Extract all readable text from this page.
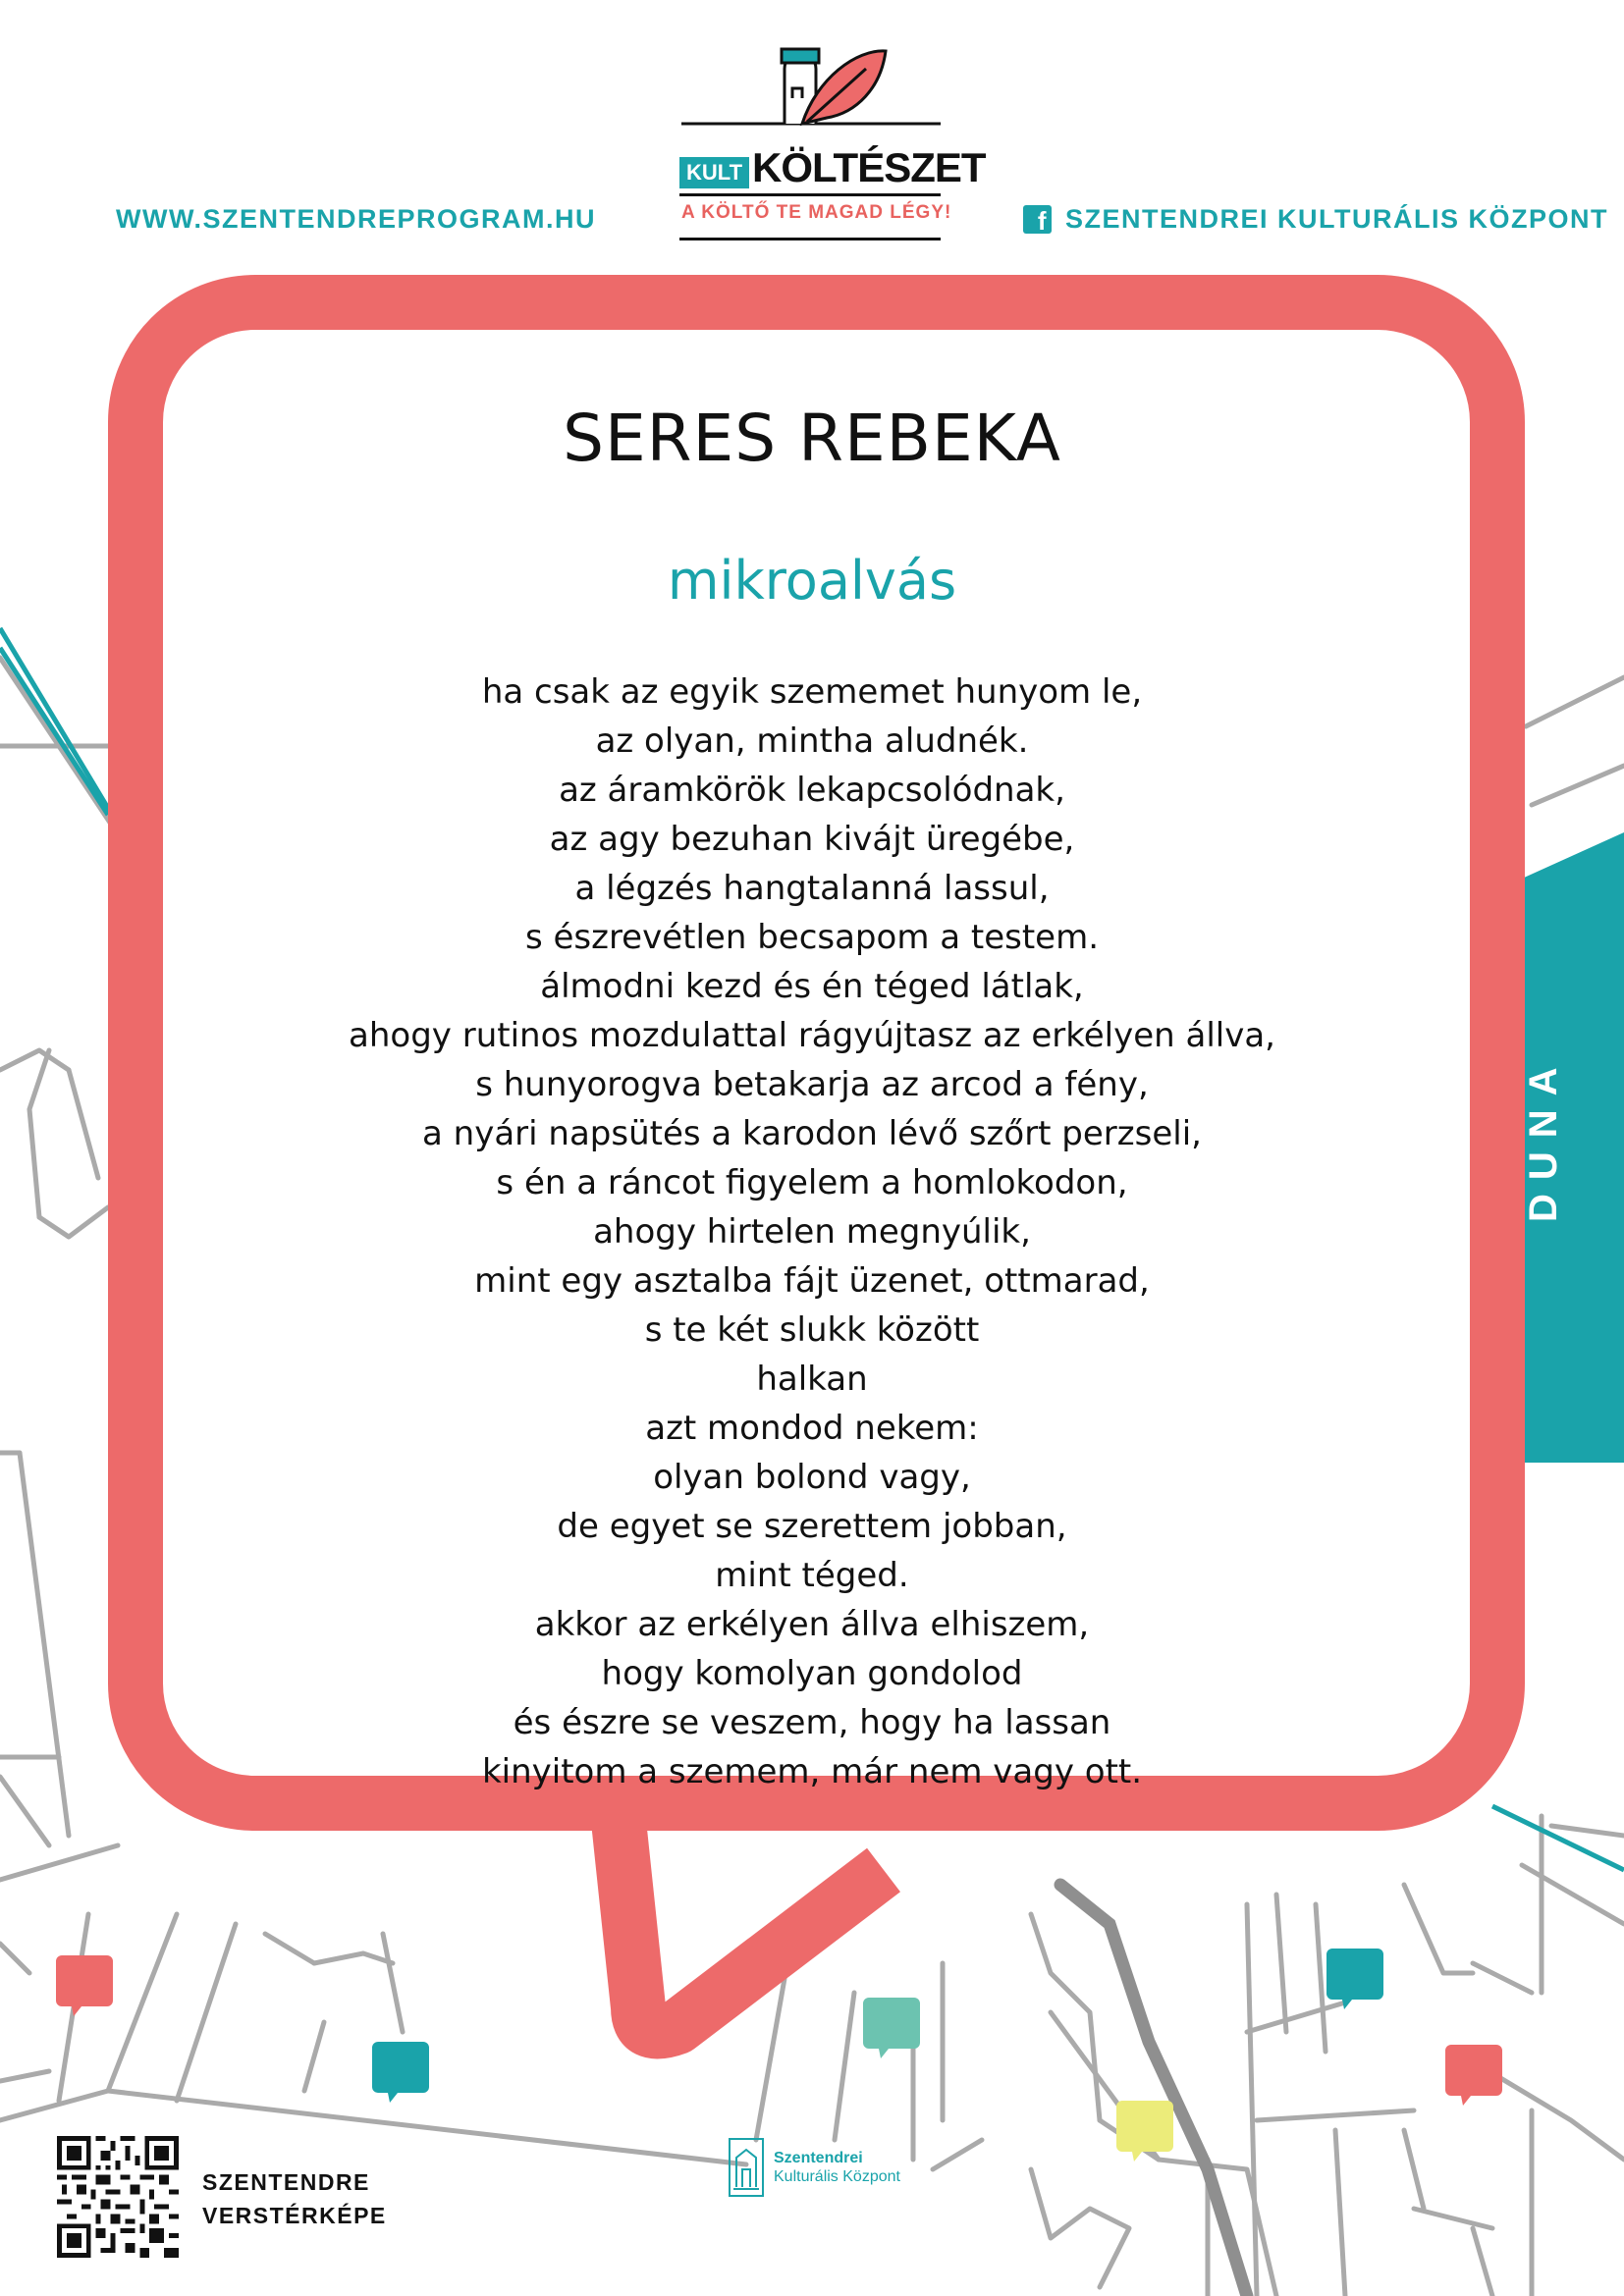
WWW.SZENTENDREPROGRAM.HU	f SZENTENDREI KULTURÁLIS KÖZPONT
KULT KÖLTÉSZET
A KÖLTŐ TE MAGAD LÉGY!
SERES REBEKA
mikroalvás
ha csak az egyik szememet hunyom le,
az olyan, mintha aludnék.
az áramkörök lekapcsolódnak,
az agy bezuhan kivájt üregébe,
a légzés hangtalanná lassul,
s észrevétlen becsapom a testem.
álmodni kezd és én téged látlak,
ahogy rutinos mozdulattal rágyújtasz az erkélyen állva,
s hunyorogva betakarja az arcod a fény,
a nyári napsütés a karodon lévő szőrt perzseli,
s én a ráncot figyelem a homlokodon,
ahogy hirtelen megnyúlik,
mint egy asztalba fájt üzenet, ottmarad,
s te két slukk között
halkan
azt mondod nekem:
olyan bolond vagy,
de egyet se szerettem jobban,
mint téged.
akkor az erkélyen állva elhiszem,
hogy komolyan gondolod
és észre se veszem, hogy ha lassan
kinyitom a szemem, már nem vagy ott.
SZENTENDRE
VERSTÉRKÉPE
Szentendrei
Kulturális Központ
